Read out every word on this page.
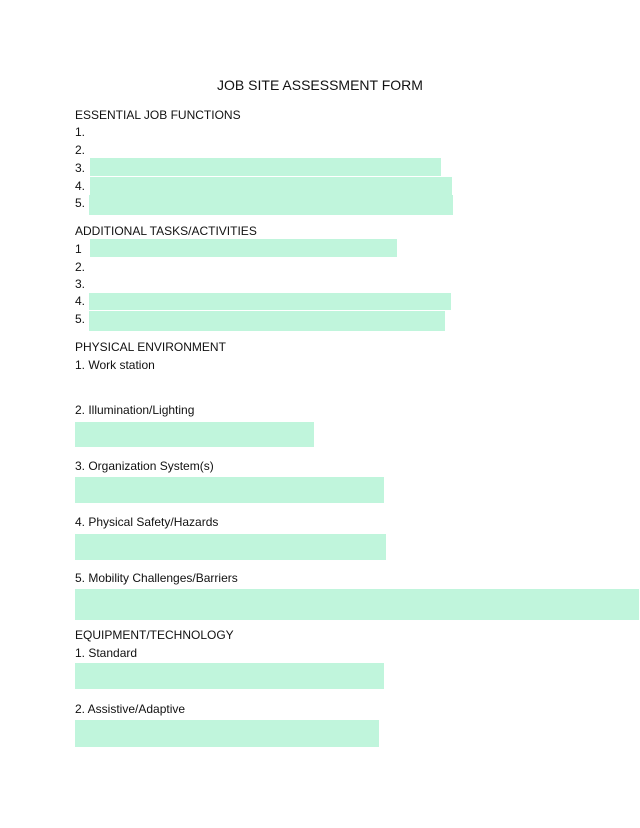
JOB SITE ASSESSMENT FORM
ESSENTIAL JOB FUNCTIONS
1.
2.
3.
4.
5.
ADDITIONAL TASKS/ACTIVITIES
1
2.
3.
4.
5.
PHYSICAL ENVIRONMENT
1. Work station
2. Illumination/Lighting
3. Organization System(s)
4. Physical Safety/Hazards
5. Mobility Challenges/Barriers
EQUIPMENT/TECHNOLOGY
1. Standard
2. Assistive/Adaptive
